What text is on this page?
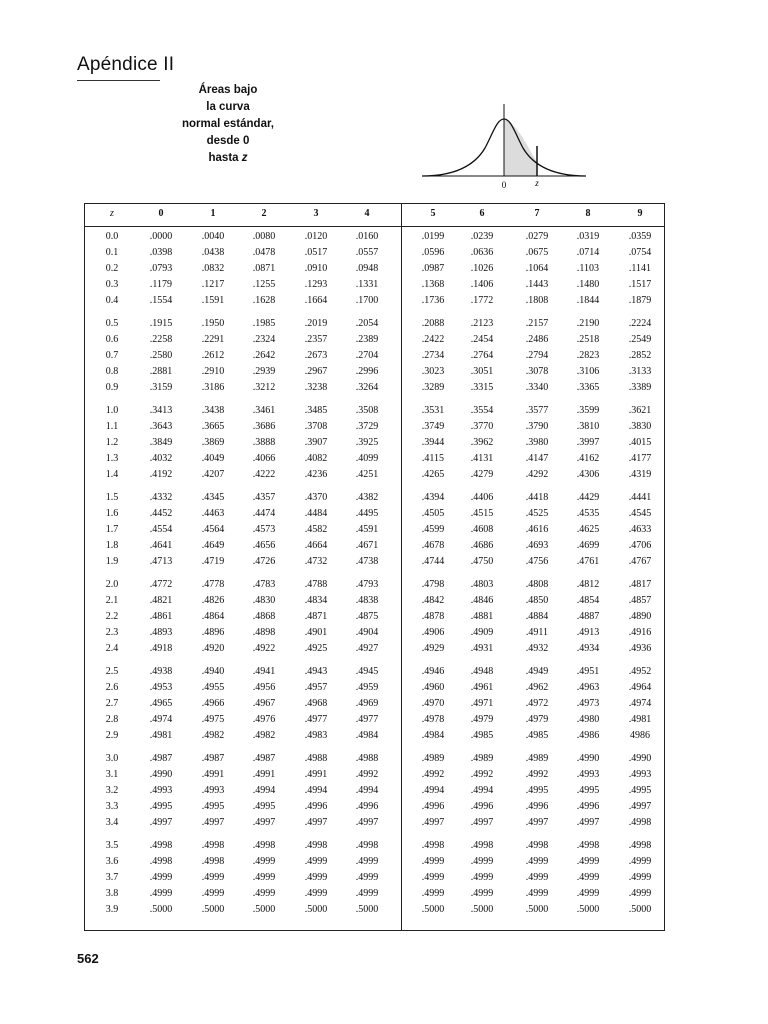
Apéndice II
Áreas bajo
la curva
normal estándar,
desde 0
hasta z
0	z
z	0	1	2	3	4	5	6	7	8	9
0.0	.0000	.0040	.0080	.0120	.0160	.0199	.0239	.0279	.0319	.0359
0.1	.0398	.0438	.0478	.0517	.0557	.0596	.0636	.0675	.0714	.0754
0.2	.0793	.0832	.0871	.0910	.0948	.0987	.1026	.1064	.1103	.1141
0.3	.1179	.1217	.1255	.1293	.1331	.1368	.1406	.1443	.1480	.1517
0.4	.1554	.1591	.1628	.1664	.1700	.1736	.1772	.1808	.1844	.1879
0.5	.1915	.1950	.1985	.2019	.2054	.2088	.2123	.2157	.2190	.2224
0.6	.2258	.2291	.2324	.2357	.2389	.2422	.2454	.2486	.2518	.2549
0.7	.2580	.2612	.2642	.2673	.2704	.2734	.2764	.2794	.2823	.2852
0.8	.2881	.2910	.2939	.2967	.2996	.3023	.3051	.3078	.3106	.3133
0.9	.3159	.3186	.3212	.3238	.3264	.3289	.3315	.3340	.3365	.3389
1.0	.3413	.3438	.3461	.3485	.3508	.3531	.3554	.3577	.3599	.3621
1.1	.3643	.3665	.3686	.3708	.3729	.3749	.3770	.3790	.3810	.3830
1.2	.3849	.3869	.3888	.3907	.3925	.3944	.3962	.3980	.3997	.4015
1.3	.4032	.4049	.4066	.4082	.4099	.4115	.4131	.4147	.4162	.4177
1.4	.4192	.4207	.4222	.4236	.4251	.4265	.4279	.4292	.4306	.4319
1.5	.4332	.4345	.4357	.4370	.4382	.4394	.4406	.4418	.4429	.4441
1.6	.4452	.4463	.4474	.4484	.4495	.4505	.4515	.4525	.4535	.4545
1.7	.4554	.4564	.4573	.4582	.4591	.4599	.4608	.4616	.4625	.4633
1.8	.4641	.4649	.4656	.4664	.4671	.4678	.4686	.4693	.4699	.4706
1.9	.4713	.4719	.4726	.4732	.4738	.4744	.4750	.4756	.4761	.4767
2.0	.4772	.4778	.4783	.4788	.4793	.4798	.4803	.4808	.4812	.4817
2.1	.4821	.4826	.4830	.4834	.4838	.4842	.4846	.4850	.4854	.4857
2.2	.4861	.4864	.4868	.4871	.4875	.4878	.4881	.4884	.4887	.4890
2.3	.4893	.4896	.4898	.4901	.4904	.4906	.4909	.4911	.4913	.4916
2.4	.4918	.4920	.4922	.4925	.4927	.4929	.4931	.4932	.4934	.4936
2.5	.4938	.4940	.4941	.4943	.4945	.4946	.4948	.4949	.4951	.4952
2.6	.4953	.4955	.4956	.4957	.4959	.4960	.4961	.4962	.4963	.4964
2.7	.4965	.4966	.4967	.4968	.4969	.4970	.4971	.4972	.4973	.4974
2.8	.4974	.4975	.4976	.4977	.4977	.4978	.4979	.4979	.4980	.4981
2.9	.4981	.4982	.4982	.4983	.4984	.4984	.4985	.4985	.4986	4986
3.0	.4987	.4987	.4987	.4988	.4988	.4989	.4989	.4989	.4990	.4990
3.1	.4990	.4991	.4991	.4991	.4992	.4992	.4992	.4992	.4993	.4993
3.2	.4993	.4993	.4994	.4994	.4994	.4994	.4994	.4995	.4995	.4995
3.3	.4995	.4995	.4995	.4996	.4996	.4996	.4996	.4996	.4996	.4997
3.4	.4997	.4997	.4997	.4997	.4997	.4997	.4997	.4997	.4997	.4998
3.5	.4998	.4998	.4998	.4998	.4998	.4998	.4998	.4998	.4998	.4998
3.6	.4998	.4998	.4999	.4999	.4999	.4999	.4999	.4999	.4999	.4999
3.7	.4999	.4999	.4999	.4999	.4999	.4999	.4999	.4999	.4999	.4999
3.8	.4999	.4999	.4999	.4999	.4999	.4999	.4999	.4999	.4999	.4999
3.9	.5000	.5000	.5000	.5000	.5000	.5000	.5000	.5000	.5000	.5000
562
